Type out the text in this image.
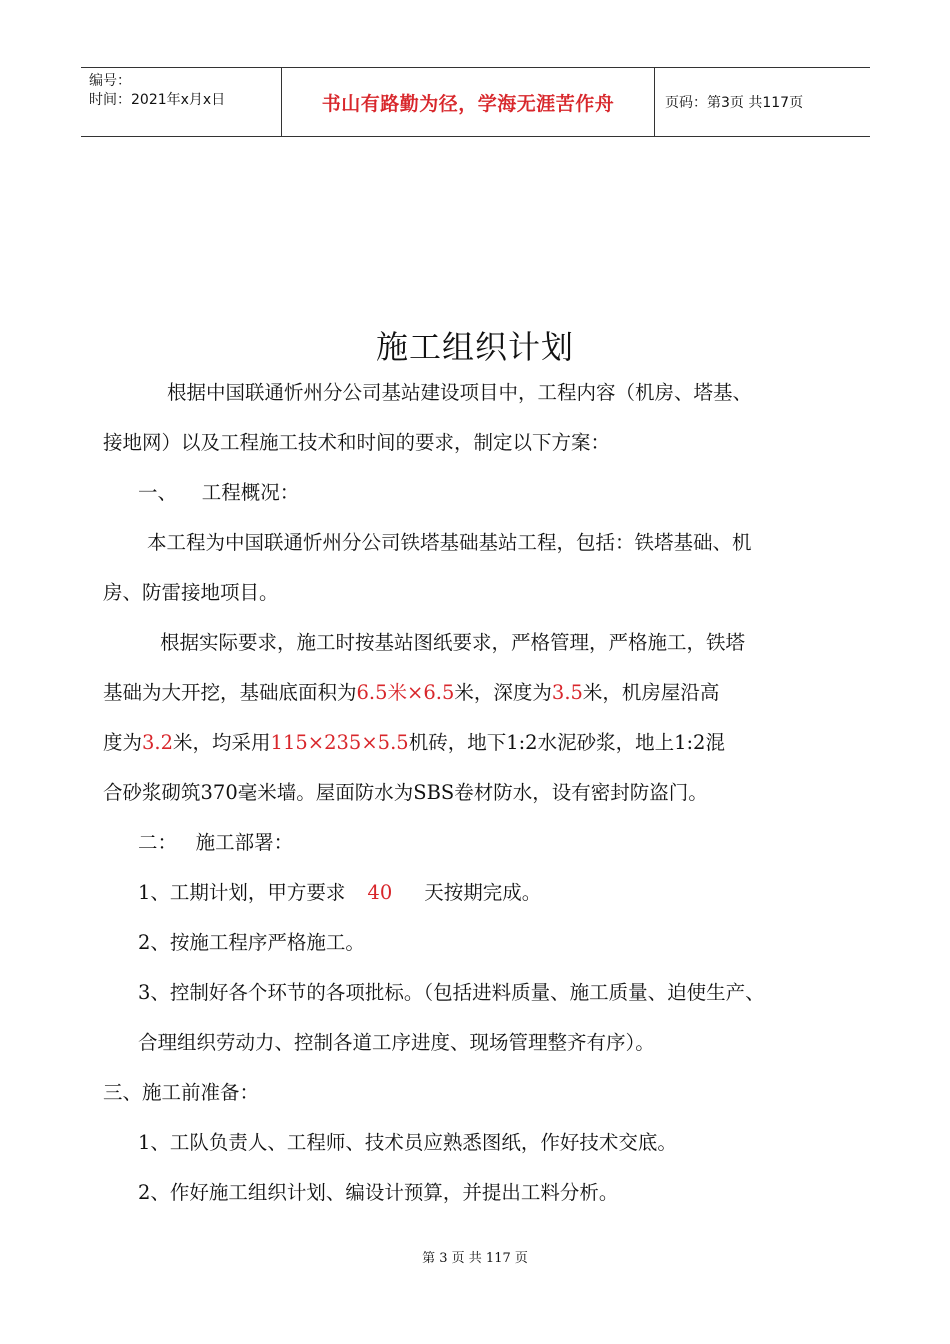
编号：
时间：2021年x月x日	书山有路勤为径，学海无涯苦作舟	页码：第3页 共117页
施工组织计划
根据中国联通忻州分公司基站建设项目中，工程内容（机房、塔基、
接地网）以及工程施工技术和时间的要求，制定以下方案：
一、    工程概况：
本工程为中国联通忻州分公司铁塔基础基站工程，包括：铁塔基础、机
房、防雷接地项目。
根据实际要求，施工时按基站图纸要求，严格管理，严格施工，铁塔
基础为大开挖，基础底面积为6.5米×6.5米，深度为3.5米，机房屋沿高
度为3.2米，均采用115×235×5.5机砖，地下1:2水泥砂浆，地上1:2混
合砂浆砌筑370毫米墙。屋面防水为SBS卷材防水，设有密封防盗门。
二：   施工部署：
1、工期计划，甲方要求 40 天按期完成。
2、按施工程序严格施工。
3、控制好各个环节的各项批标。（包括进料质量、施工质量、迫使生产、
合理组织劳动力、控制各道工序进度、现场管理整齐有序）。
三、施工前准备：
1、工队负责人、工程师、技术员应熟悉图纸，作好技术交底。
2、作好施工组织计划、编设计预算，并提出工料分析。
第 3 页 共 117 页
